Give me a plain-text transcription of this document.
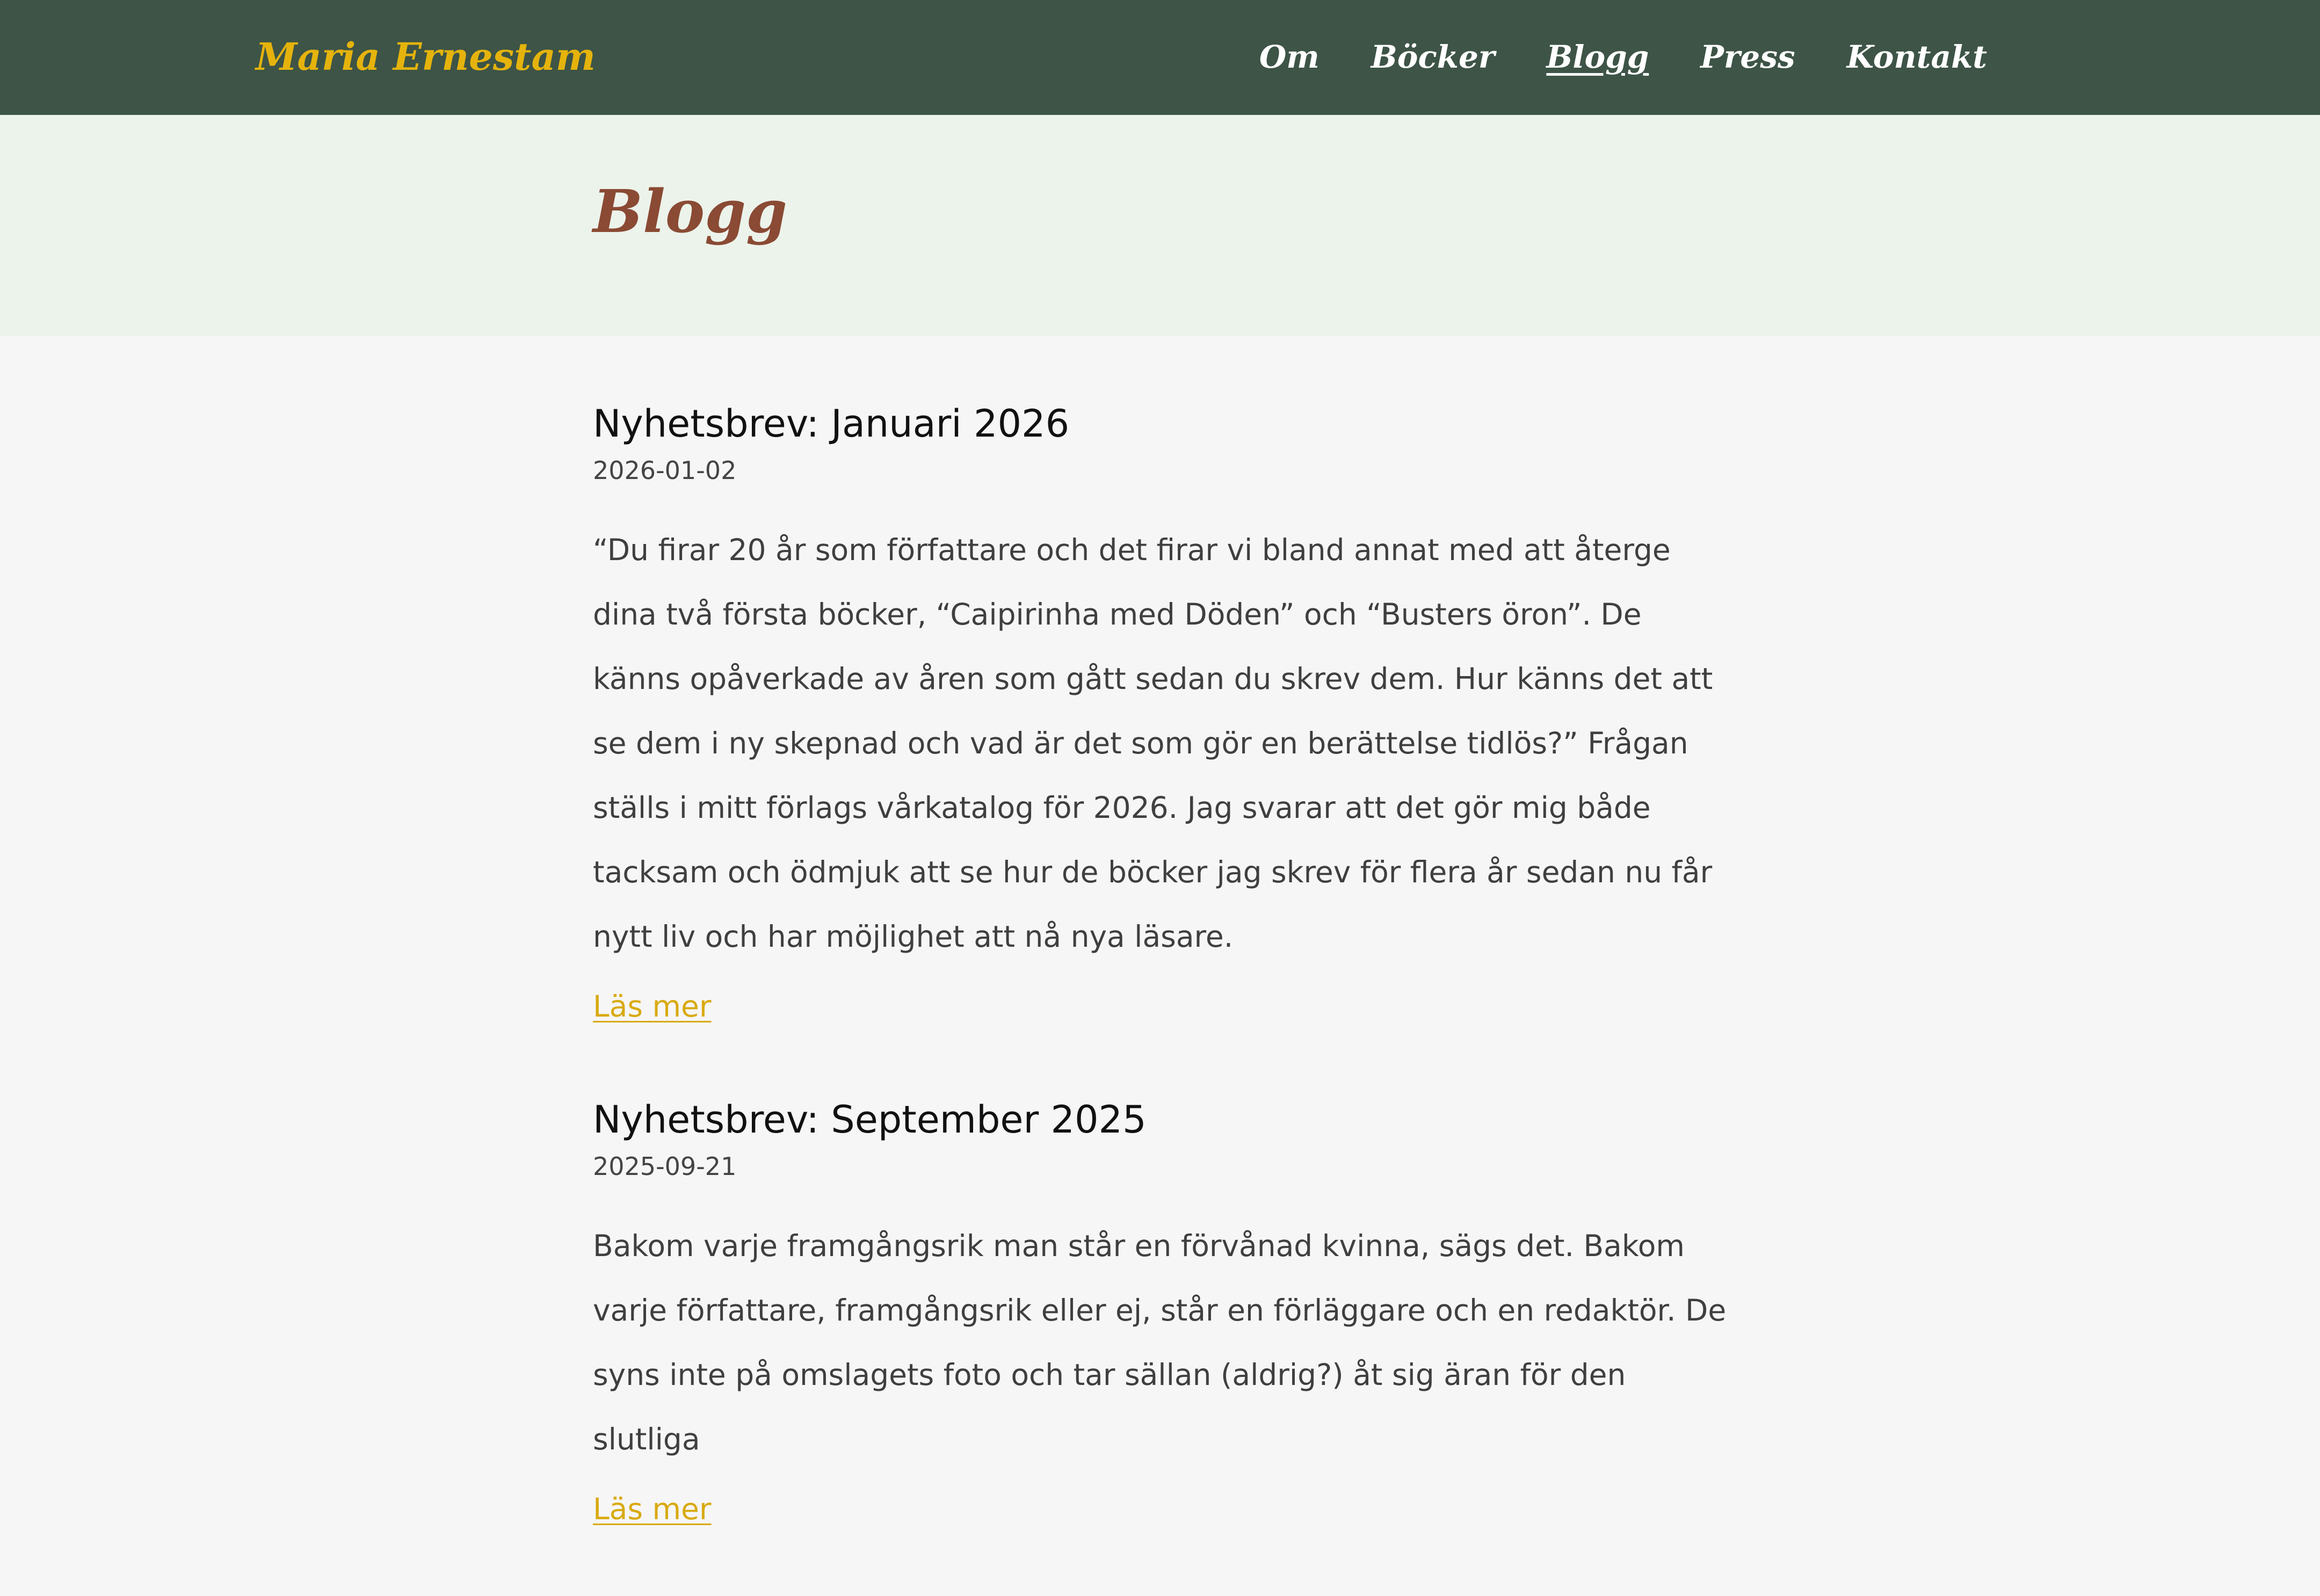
Maria Ernestam	Om Böcker Blogg Press Kontakt
Blogg
Nyhetsbrev: Januari 2026

2026-01-02

“Du firar 20 år som författare och det firar vi bland annat med att återge dina två första böcker, “Caipirinha med Döden” och “Busters öron”. De känns opåverkade av åren som gått sedan du skrev dem. Hur känns det att se dem i ny skepnad och vad är det som gör en berättelse tidlös?” Frågan ställs i mitt förlags vårkatalog för 2026. Jag svarar att det gör mig både tacksam och ödmjuk att se hur de böcker jag skrev för flera år sedan nu får nytt liv och har möjlighet att nå nya läsare.

Läs mer
Nyhetsbrev: September 2025

2025-09-21

Bakom varje framgångsrik man står en förvånad kvinna, sägs det. Bakom varje författare, framgångsrik eller ej, står en förläggare och en redaktör. De syns inte på omslagets foto och tar sällan (aldrig?) åt sig äran för den slutliga

Läs mer
